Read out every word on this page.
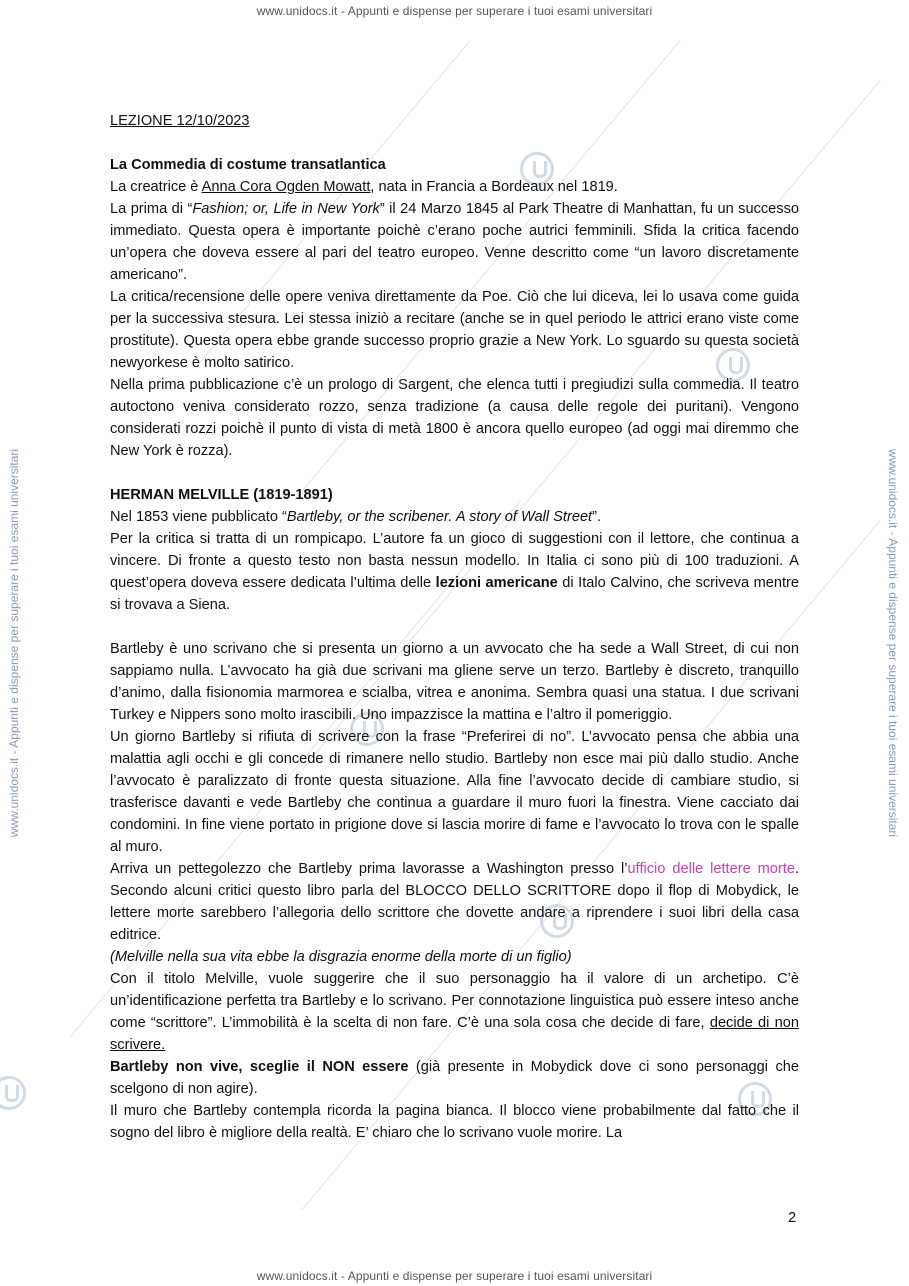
www.unidocs.it - Appunti e dispense per superare i tuoi esami universitari
www.unidocs.it - Appunti e dispense per superare i tuoi esami universitari
www.unidocs.it - Appunti e dispense per superare i tuoi esami universitari	www.unidocs.it - Appunti e dispense per superare i tuoi esami universitari

LEZIONE 12/10/2023

La Commedia di costume transatlantica

La creatrice è Anna Cora Ogden Mowatt, nata in Francia a Bordeaux nel 1819.

La prima di “Fashion; or, Life in New York” il 24 Marzo 1845 al Park Theatre di Manhattan, fu un successo immediato. Questa opera è importante poichè c’erano poche autrici femminili. Sfida la critica facendo un’opera che doveva essere al pari del teatro europeo. Venne descritto come “un lavoro discretamente americano”.

La critica/recensione delle opere veniva direttamente da Poe. Ciò che lui diceva, lei lo usava come guida per la successiva stesura. Lei stessa iniziò a recitare (anche se in quel periodo le attrici erano viste come prostitute). Questa opera ebbe grande successo proprio grazie a New York. Lo sguardo su questa società newyorkese è molto satirico.

Nella prima pubblicazione c’è un prologo di Sargent, che elenca tutti i pregiudizi sulla commedia. Il teatro autoctono veniva considerato rozzo, senza tradizione (a causa delle regole dei puritani). Vengono considerati rozzi poichè il punto di vista di metà 1800 è ancora quello europeo (ad oggi mai diremmo che New York è rozza).

HERMAN MELVILLE (1819-1891)

Nel 1853 viene pubblicato “Bartleby, or the scribener. A story of Wall Street”.

Per la critica si tratta di un rompicapo. L’autore fa un gioco di suggestioni con il lettore, che continua a vincere. Di fronte a questo testo non basta nessun modello. In Italia ci sono più di 100 traduzioni. A quest’opera doveva essere dedicata l’ultima delle lezioni americane di Italo Calvino, che scriveva mentre si trovava a Siena.

Bartleby è uno scrivano che si presenta un giorno a un avvocato che ha sede a Wall Street, di cui non sappiamo nulla. L’avvocato ha già due scrivani ma gliene serve un terzo. Bartleby è discreto, tranquillo d’animo, dalla fisionomia marmorea e scialba, vitrea e anonima. Sembra quasi una statua. I due scrivani Turkey e Nippers sono molto irascibili. Uno impazzisce la mattina e l’altro il pomeriggio.

Un giorno Bartleby si rifiuta di scrivere con la frase “Preferirei di no”. L’avvocato pensa che abbia una malattia agli occhi e gli concede di rimanere nello studio. Bartleby non esce mai più dallo studio. Anche l’avvocato è paralizzato di fronte questa situazione. Alla fine l’avvocato decide di cambiare studio, si trasferisce davanti e vede Bartleby che continua a guardare il muro fuori la finestra. Viene cacciato dai condomini. In fine viene portato in prigione dove si lascia morire di fame e l’avvocato lo trova con le spalle al muro.

Arriva un pettegolezzo che Bartleby prima lavorasse a Washington presso l’ufficio delle lettere morte. Secondo alcuni critici questo libro parla del BLOCCO DELLO SCRITTORE dopo il flop di Mobydick, le lettere morte sarebbero l’allegoria dello scrittore che dovette andare a riprendere i suoi libri della casa editrice.

(Melville nella sua vita ebbe la disgrazia enorme della morte di un figlio)

Con il titolo Melville, vuole suggerire che il suo personaggio ha il valore di un archetipo. C’è un’identificazione perfetta tra Bartleby e lo scrivano. Per connotazione linguistica può essere inteso anche come “scrittore”. L’immobilità è la scelta di non fare. C’è una sola cosa che decide di fare, decide di non scrivere.

Bartleby non vive, sceglie il NON essere (già presente in Mobydick dove ci sono personaggi che scelgono di non agire).

Il muro che Bartleby contempla ricorda la pagina bianca. Il blocco viene probabilmente dal fatto che il sogno del libro è migliore della realtà. E’ chiaro che lo scrivano vuole morire. La

2
